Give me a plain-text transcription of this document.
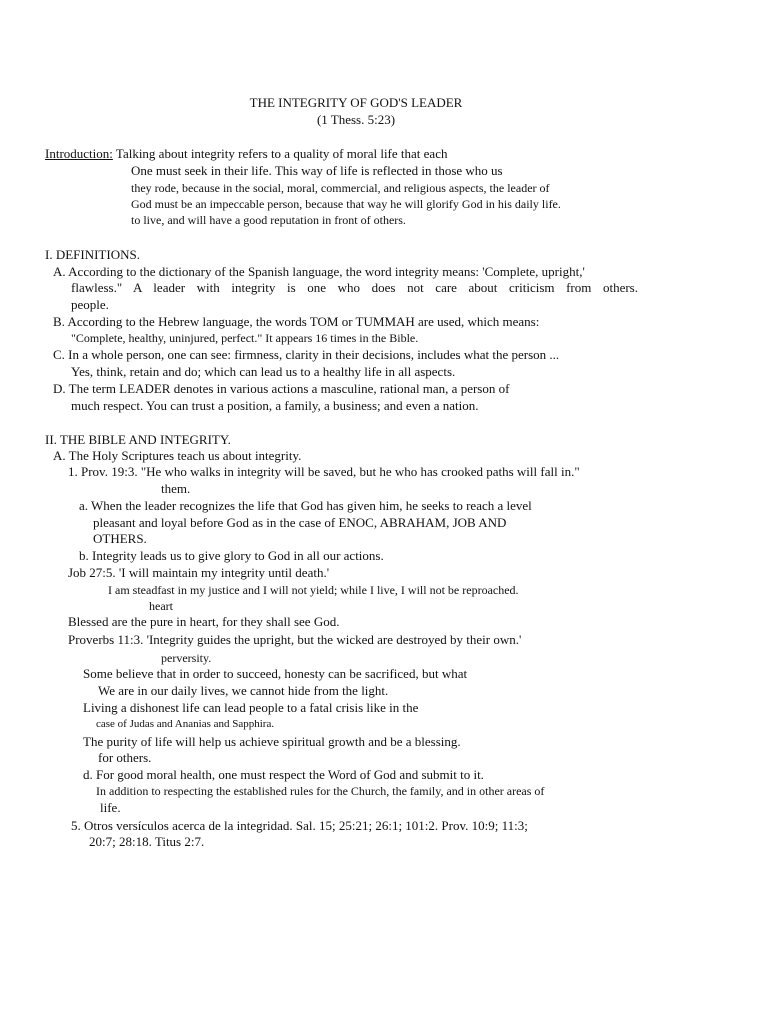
THE INTEGRITY OF GOD'S LEADER
(1 Thess. 5:23)
Introduction: Talking about integrity refers to a quality of moral life that each
One must seek in their life. This way of life is reflected in those who us
they rode, because in the social, moral, commercial, and religious aspects, the leader of
God must be an impeccable person, because that way he will glorify God in his daily life.
to live, and will have a good reputation in front of others.
I. DEFINITIONS.
A. According to the dictionary of the Spanish language, the word integrity means: 'Complete, upright,'
flawless." A leader with integrity is one who does not care about criticism from others.
people.
B. According to the Hebrew language, the words TOM or TUMMAH are used, which means:
"Complete, healthy, uninjured, perfect." It appears 16 times in the Bible.
C. In a whole person, one can see: firmness, clarity in their decisions, includes what the person ...
Yes, think, retain and do; which can lead us to a healthy life in all aspects.
D. The term LEADER denotes in various actions a masculine, rational man, a person of
much respect. You can trust a position, a family, a business; and even a nation.
II. THE BIBLE AND INTEGRITY.
A. The Holy Scriptures teach us about integrity.
1. Prov. 19:3. "He who walks in integrity will be saved, but he who has crooked paths will fall in."
them.
a. When the leader recognizes the life that God has given him, he seeks to reach a level
pleasant and loyal before God as in the case of ENOC, ABRAHAM, JOB AND
OTHERS.
b. Integrity leads us to give glory to God in all our actions.
Job 27:5. 'I will maintain my integrity until death.'
I am steadfast in my justice and I will not yield; while I live, I will not be reproached.
heart
Blessed are the pure in heart, for they shall see God.
Proverbs 11:3. 'Integrity guides the upright, but the wicked are destroyed by their own.'
perversity.
Some believe that in order to succeed, honesty can be sacrificed, but what
We are in our daily lives, we cannot hide from the light.
Living a dishonest life can lead people to a fatal crisis like in the
case of Judas and Ananias and Sapphira.
The purity of life will help us achieve spiritual growth and be a blessing.
for others.
d. For good moral health, one must respect the Word of God and submit to it.
In addition to respecting the established rules for the Church, the family, and in other areas of
life.
5. Otros versículos acerca de la integridad. Sal. 15; 25:21; 26:1; 101:2. Prov. 10:9; 11:3;
20:7; 28:18. Titus 2:7.
